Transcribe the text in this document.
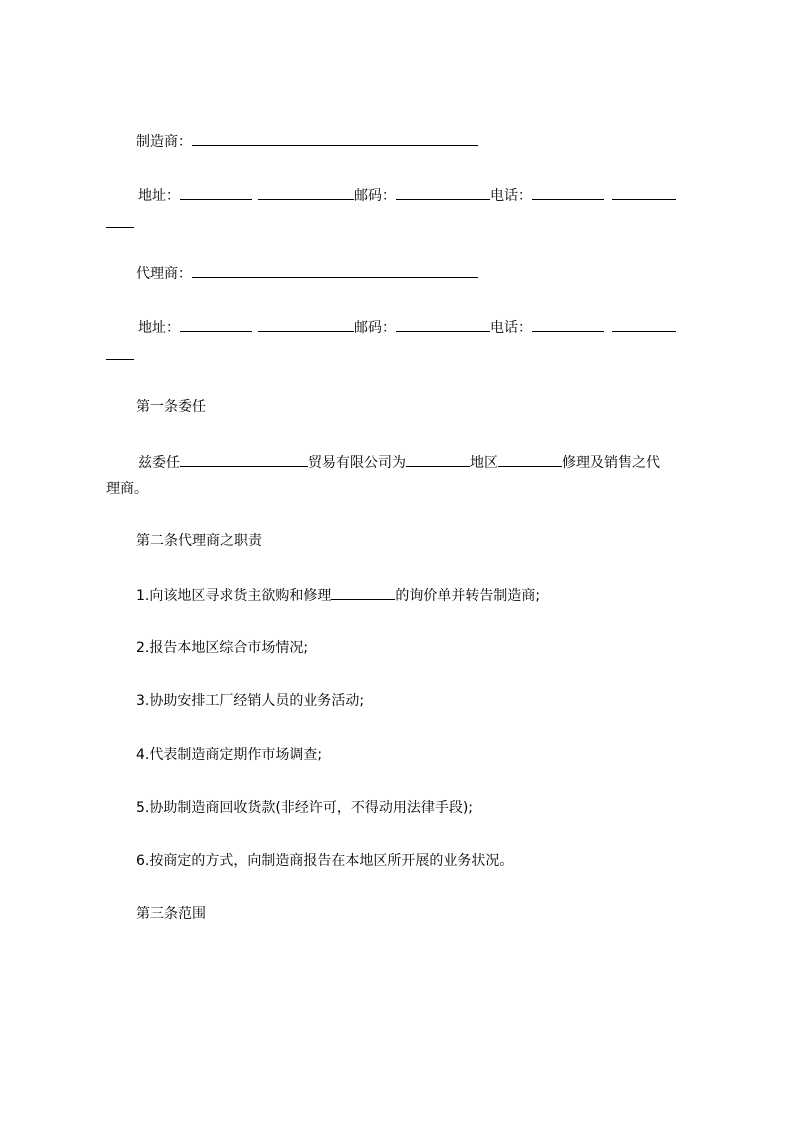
制造商：
地址：	邮码：	电话：
代理商：
地址：	邮码：	电话：
第一条委任
兹委任	贸易有限公司为	地区	修理及销售之代
理商。
第二条代理商之职责
1.向该地区寻求货主欲购和修理	的询价单并转告制造商;
2.报告本地区综合市场情况;
3.协助安排工厂经销人员的业务活动;
4.代表制造商定期作市场调查;
5.协助制造商回收货款(非经许可，不得动用法律手段);
6.按商定的方式，向制造商报告在本地区所开展的业务状况。
第三条范围
